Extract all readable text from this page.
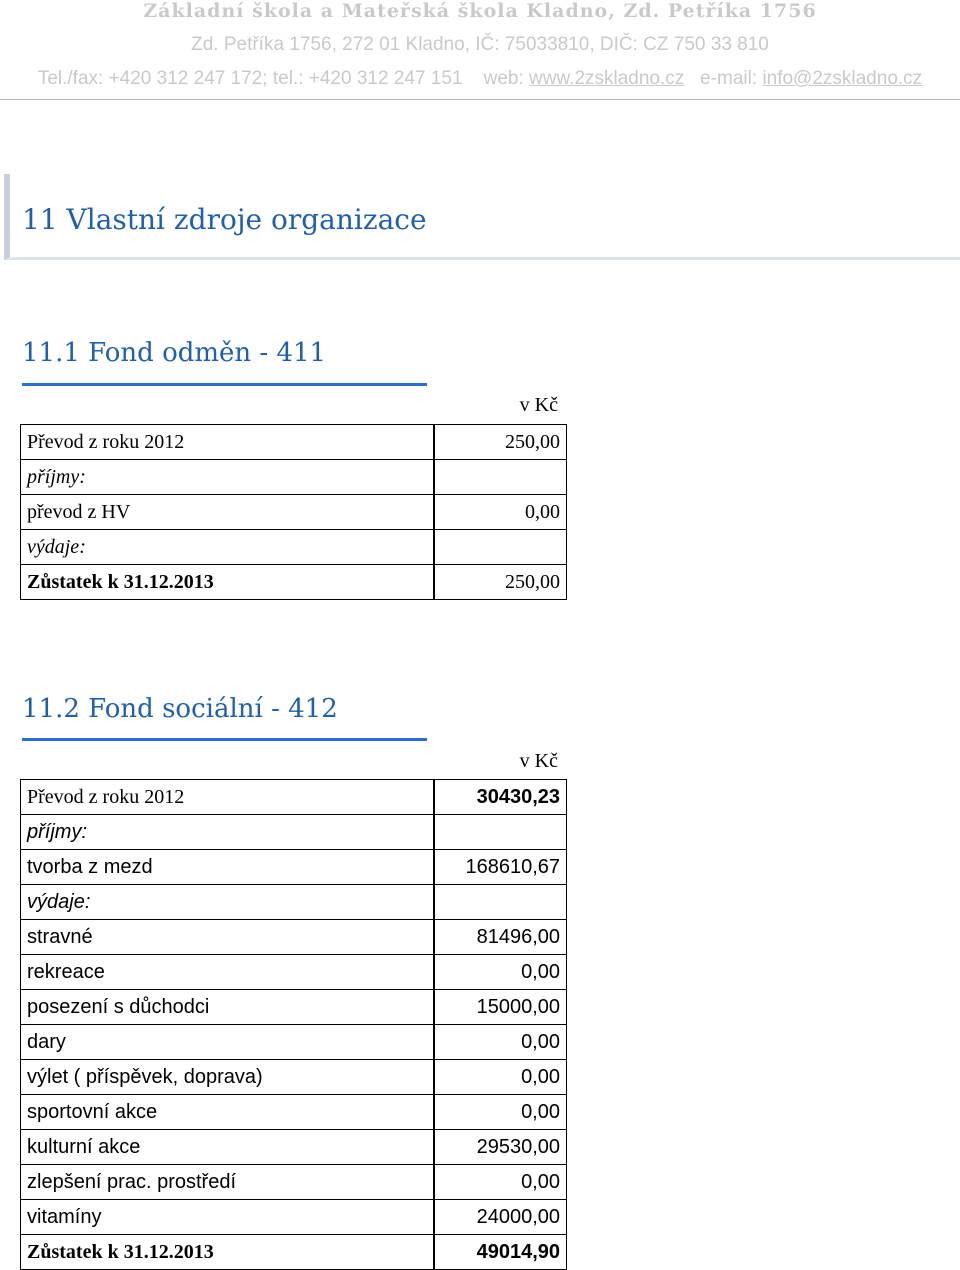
Základní škola a Mateřská škola Kladno, Zd. Petříka 1756
Zd. Petříka 1756, 272 01 Kladno, IČ: 75033810, DIČ: CZ 750 33 810
Tel./fax: +420 312 247 172; tel.: +420 312 247 151    web: www.2zskladno.cz   e-mail: info@2zskladno.cz
11 Vlastní zdroje organizace
11.1 Fond odměn - 411
v Kč
Převod z roku 2012	250,00
příjmy:	
převod z HV	0,00
výdaje:	
Zůstatek k 31.12.2013	250,00
11.2 Fond sociální - 412
v Kč
Převod z roku 2012	30430,23
příjmy:	
tvorba z mezd	168610,67
výdaje:	
stravné	81496,00
rekreace	0,00
posezení s důchodci	15000,00
dary	0,00
výlet ( příspěvek, doprava)	0,00
sportovní akce	0,00
kulturní akce	29530,00
zlepšení prac. prostředí	0,00
vitamíny	24000,00
Zůstatek k 31.12.2013	49014,90
